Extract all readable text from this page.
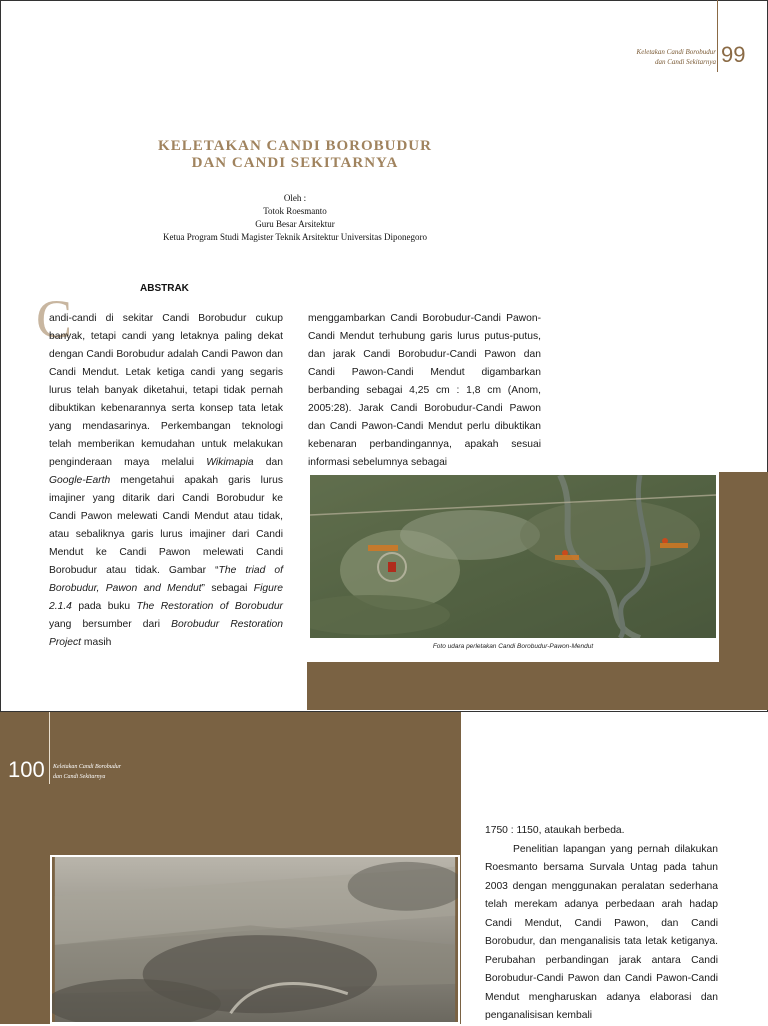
Keletakan Candi Borobudur
dan Candi Sekitarnya 99
KELETAKAN CANDI BOROBUDUR
DAN CANDI SEKITARNYA
Oleh :
Totok Roesmanto
Guru Besar Arsitektur
Ketua Program Studi Magister Teknik Arsitektur Universitas Diponegoro
ABSTRAK
C
andi-candi di sekitar Candi Borobudur cukup banyak, tetapi candi yang letaknya paling dekat dengan Candi Borobudur adalah Candi Pawon dan Candi Mendut. Letak ketiga candi yang segaris lurus telah banyak diketahui, tetapi tidak pernah dibuktikan kebenarannya serta konsep tata letak yang mendasarinya. Perkembangan teknologi telah memberikan kemudahan untuk melakukan penginderaan maya melalui Wikimapia dan Google-Earth mengetahui apakah garis lurus imajiner yang ditarik dari Candi Borobudur ke Candi Pawon melewati Candi Mendut atau tidak, atau sebaliknya garis lurus imajiner dari Candi Mendut ke Candi Pawon melewati Candi Borobudur atau tidak. Gambar “The triad of Borobudur, Pawon and Mendut” sebagai Figure 2.1.4 pada buku The Restoration of Borobudur yang bersumber dari Borobudur Restoration Project masih
menggambarkan Candi Borobudur-Candi Pawon-Candi Mendut terhubung garis lurus putus-putus, dan jarak Candi Borobudur-Candi Pawon dan Candi Pawon-Candi Mendut digambarkan berbanding sebagai 4,25 cm : 1,8 cm (Anom, 2005:28). Jarak Candi Borobudur-Candi Pawon dan Candi Pawon-Candi Mendut perlu dibuktikan kebenaran perbandingannya, apakah sesuai informasi sebelumnya sebagai
Foto udara perletakan Candi Borobudur-Pawon-Mendut
100 Keletakan Candi Borobudur
dan Candi Sekitarnya
1750 : 1150, ataukah berbeda.
Penelitian lapangan yang pernah dilakukan Roesmanto bersama Survala Untag pada tahun 2003 dengan menggunakan peralatan sederhana telah merekam adanya perbedaan arah hadap Candi Mendut, Candi Pawon, dan Candi Borobudur, dan menganalisis tata letak ketiganya. Perubahan perbandingan jarak antara Candi Borobudur-Candi Pawon dan Candi Pawon-Candi Mendut mengharuskan adanya elaborasi dan penganalisisan kembali
